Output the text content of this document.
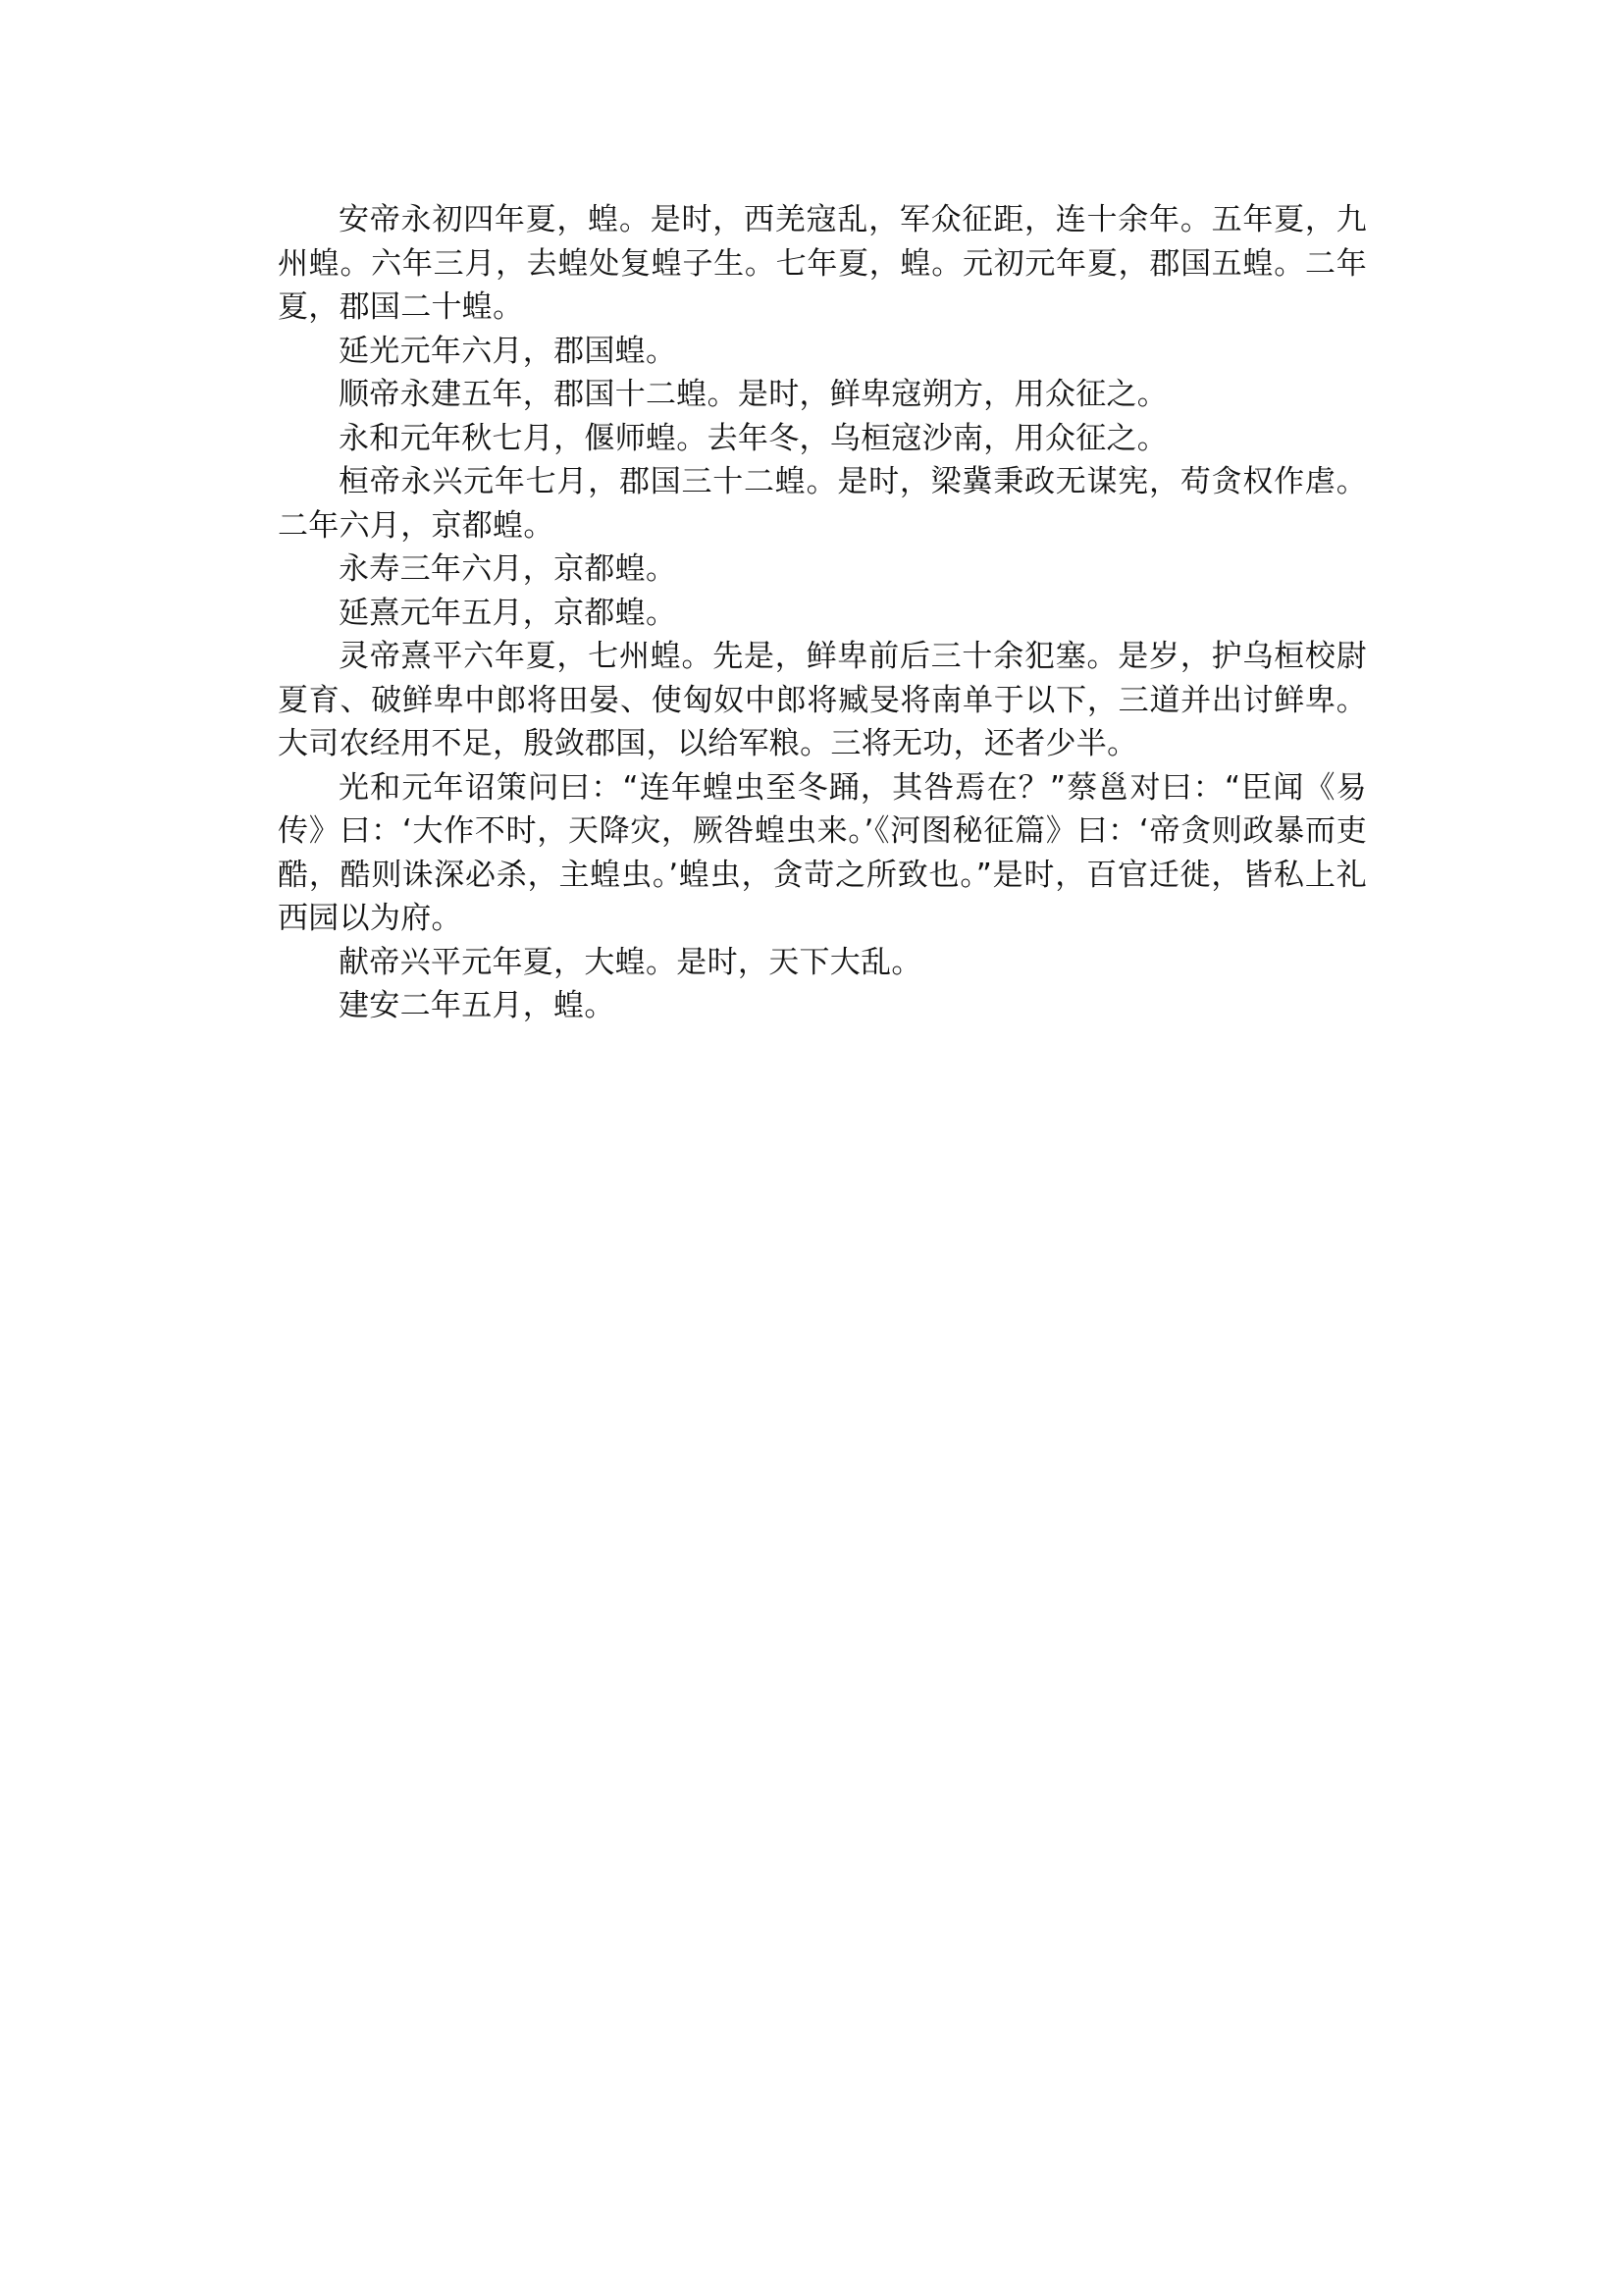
安帝永初四年夏，蝗。是时，西羌寇乱，军众征距，连十余年。五年夏，九州蝗。六年三月，去蝗处复蝗子生。七年夏，蝗。元初元年夏，郡国五蝗。二年夏，郡国二十蝗。

延光元年六月，郡国蝗。

顺帝永建五年，郡国十二蝗。是时，鲜卑寇朔方，用众征之。

永和元年秋七月，偃师蝗。去年冬，乌桓寇沙南，用众征之。

桓帝永兴元年七月，郡国三十二蝗。是时，梁冀秉政无谋宪，苟贪权作虐。二年六月，京都蝗。

永寿三年六月，京都蝗。

延熹元年五月，京都蝗。

灵帝熹平六年夏，七州蝗。先是，鲜卑前后三十余犯塞。是岁，护乌桓校尉夏育、破鲜卑中郎将田晏、使匈奴中郎将臧旻将南单于以下，三道并出讨鲜卑。大司农经用不足，殷敛郡国，以给军粮。三将无功，还者少半。

光和元年诏策问曰：“连年蝗虫至冬踊，其咎焉在？”蔡邕对曰：“臣闻《易传》曰：‘大作不时，天降灾，厥咎蝗虫来。’《河图秘征篇》曰：‘帝贪则政暴而吏酷，酷则诛深必杀，主蝗虫。’蝗虫，贪苛之所致也。”是时，百官迁徙，皆私上礼西园以为府。

献帝兴平元年夏，大蝗。是时，天下大乱。

建安二年五月，蝗。
